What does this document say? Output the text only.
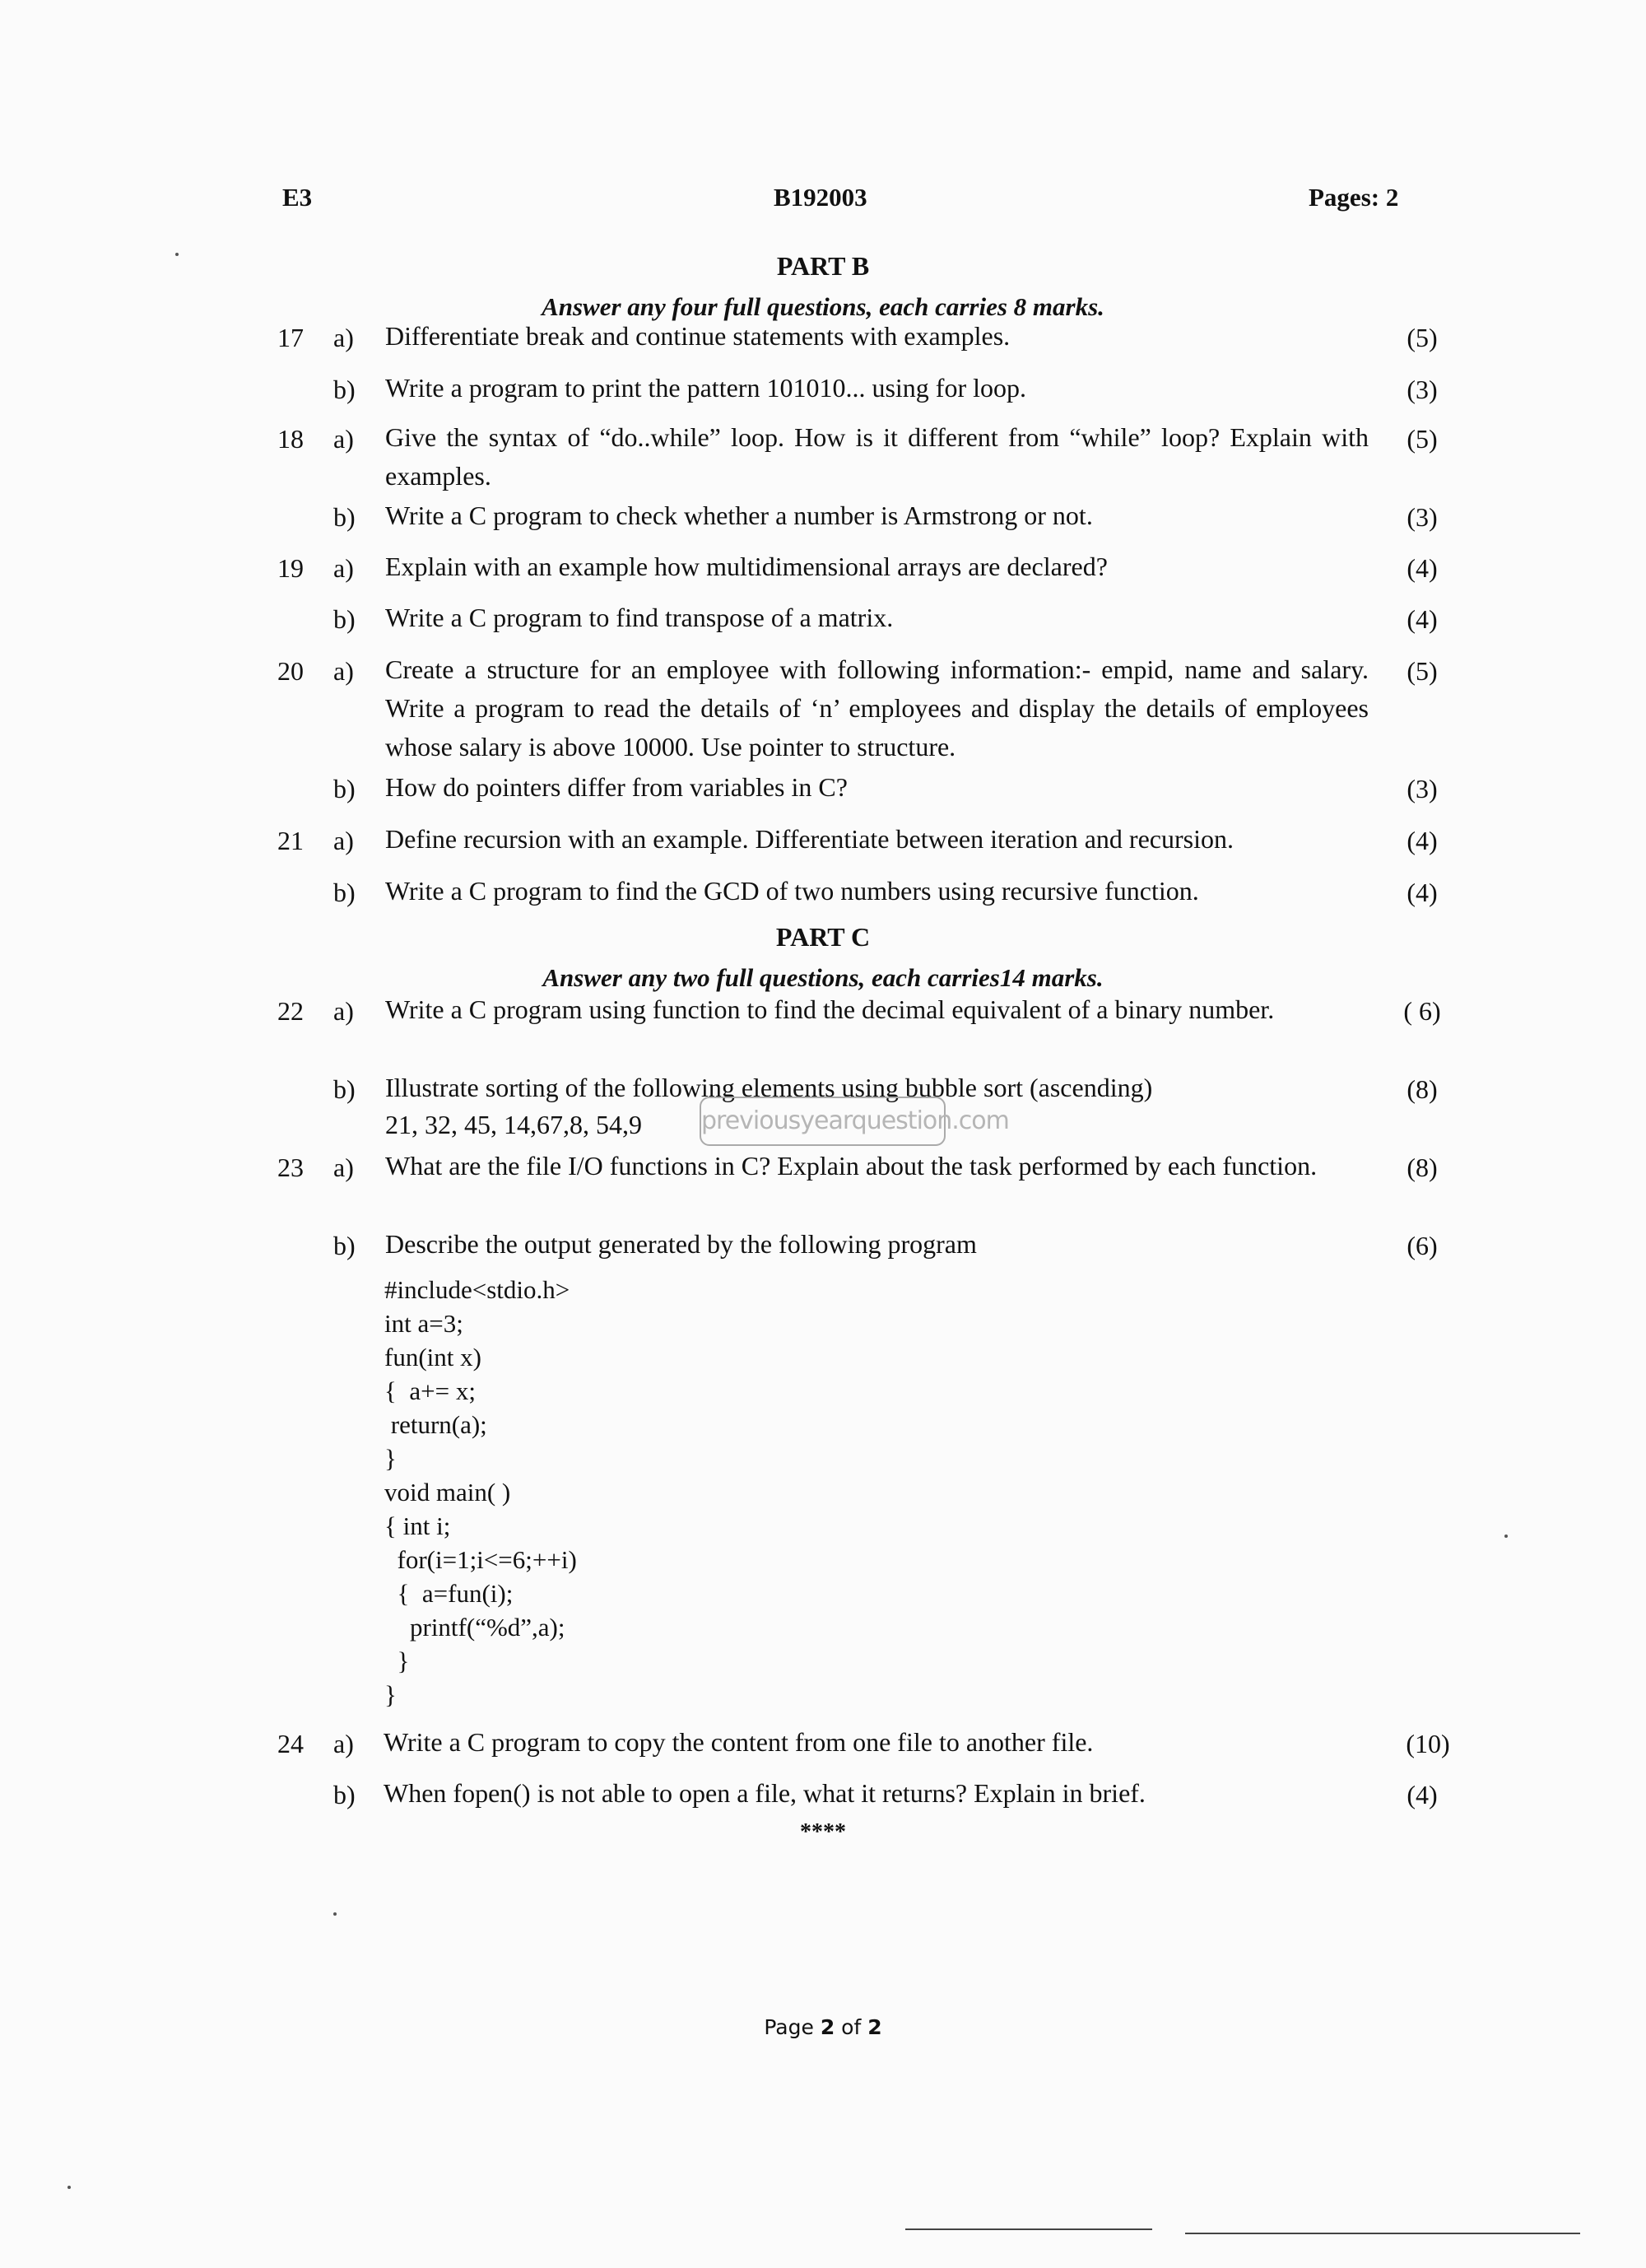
E3	B192003	Pages: 2
PART B
Answer any four full questions, each carries 8 marks.
17 a) Differentiate break and continue statements with examples.	(5)
b) Write a program to print the pattern 101010... using for loop.	(3)
18 a) Give the syntax of “do..while” loop. How is it different from “while” loop? Explain with examples.
(5)
b) Write a C program to check whether a number is Armstrong or not.	(3)
19 a) Explain with an example how multidimensional arrays are declared?	(4)
b) Write a C program to find transpose of a matrix.	(4)
20 a) Create a structure for an employee with following information:- empid, name and salary. Write a program to read the details of ‘n’ employees and display the details of employees whose salary is above 10000. Use pointer to structure.
(5)
b) How do pointers differ from variables in C?	(3)
21 a) Define recursion with an example. Differentiate between iteration and recursion.	(4)
b) Write a C program to find the GCD of two numbers using recursive function.	(4)
PART C
Answer any two full questions, each carries14 marks.
22 a) Write a C program using function to find the decimal equivalent of a binary number.	( 6)
b) Illustrate sorting of the following elements using bubble sort (ascending)	(8)
21, 32, 45, 14,67,8, 54,9
23 a) What are the file I/O functions in C? Explain about the task performed by each function.	(8)
b) Describe the output generated by the following program	(6)
#include<stdio.h>
int a=3;
fun(int x)
{  a+= x;
return(a);
}
void main( )
{ int i;
for(i=1;i<=6;++i)
{  a=fun(i);
printf(“%d”,a);
}
}
24 a) Write a C program to copy the content from one file to another file.	(10)
b) When fopen() is not able to open a file, what it returns? Explain in brief.	(4)
****
previousyearquestion.com
Page 2 of 2
